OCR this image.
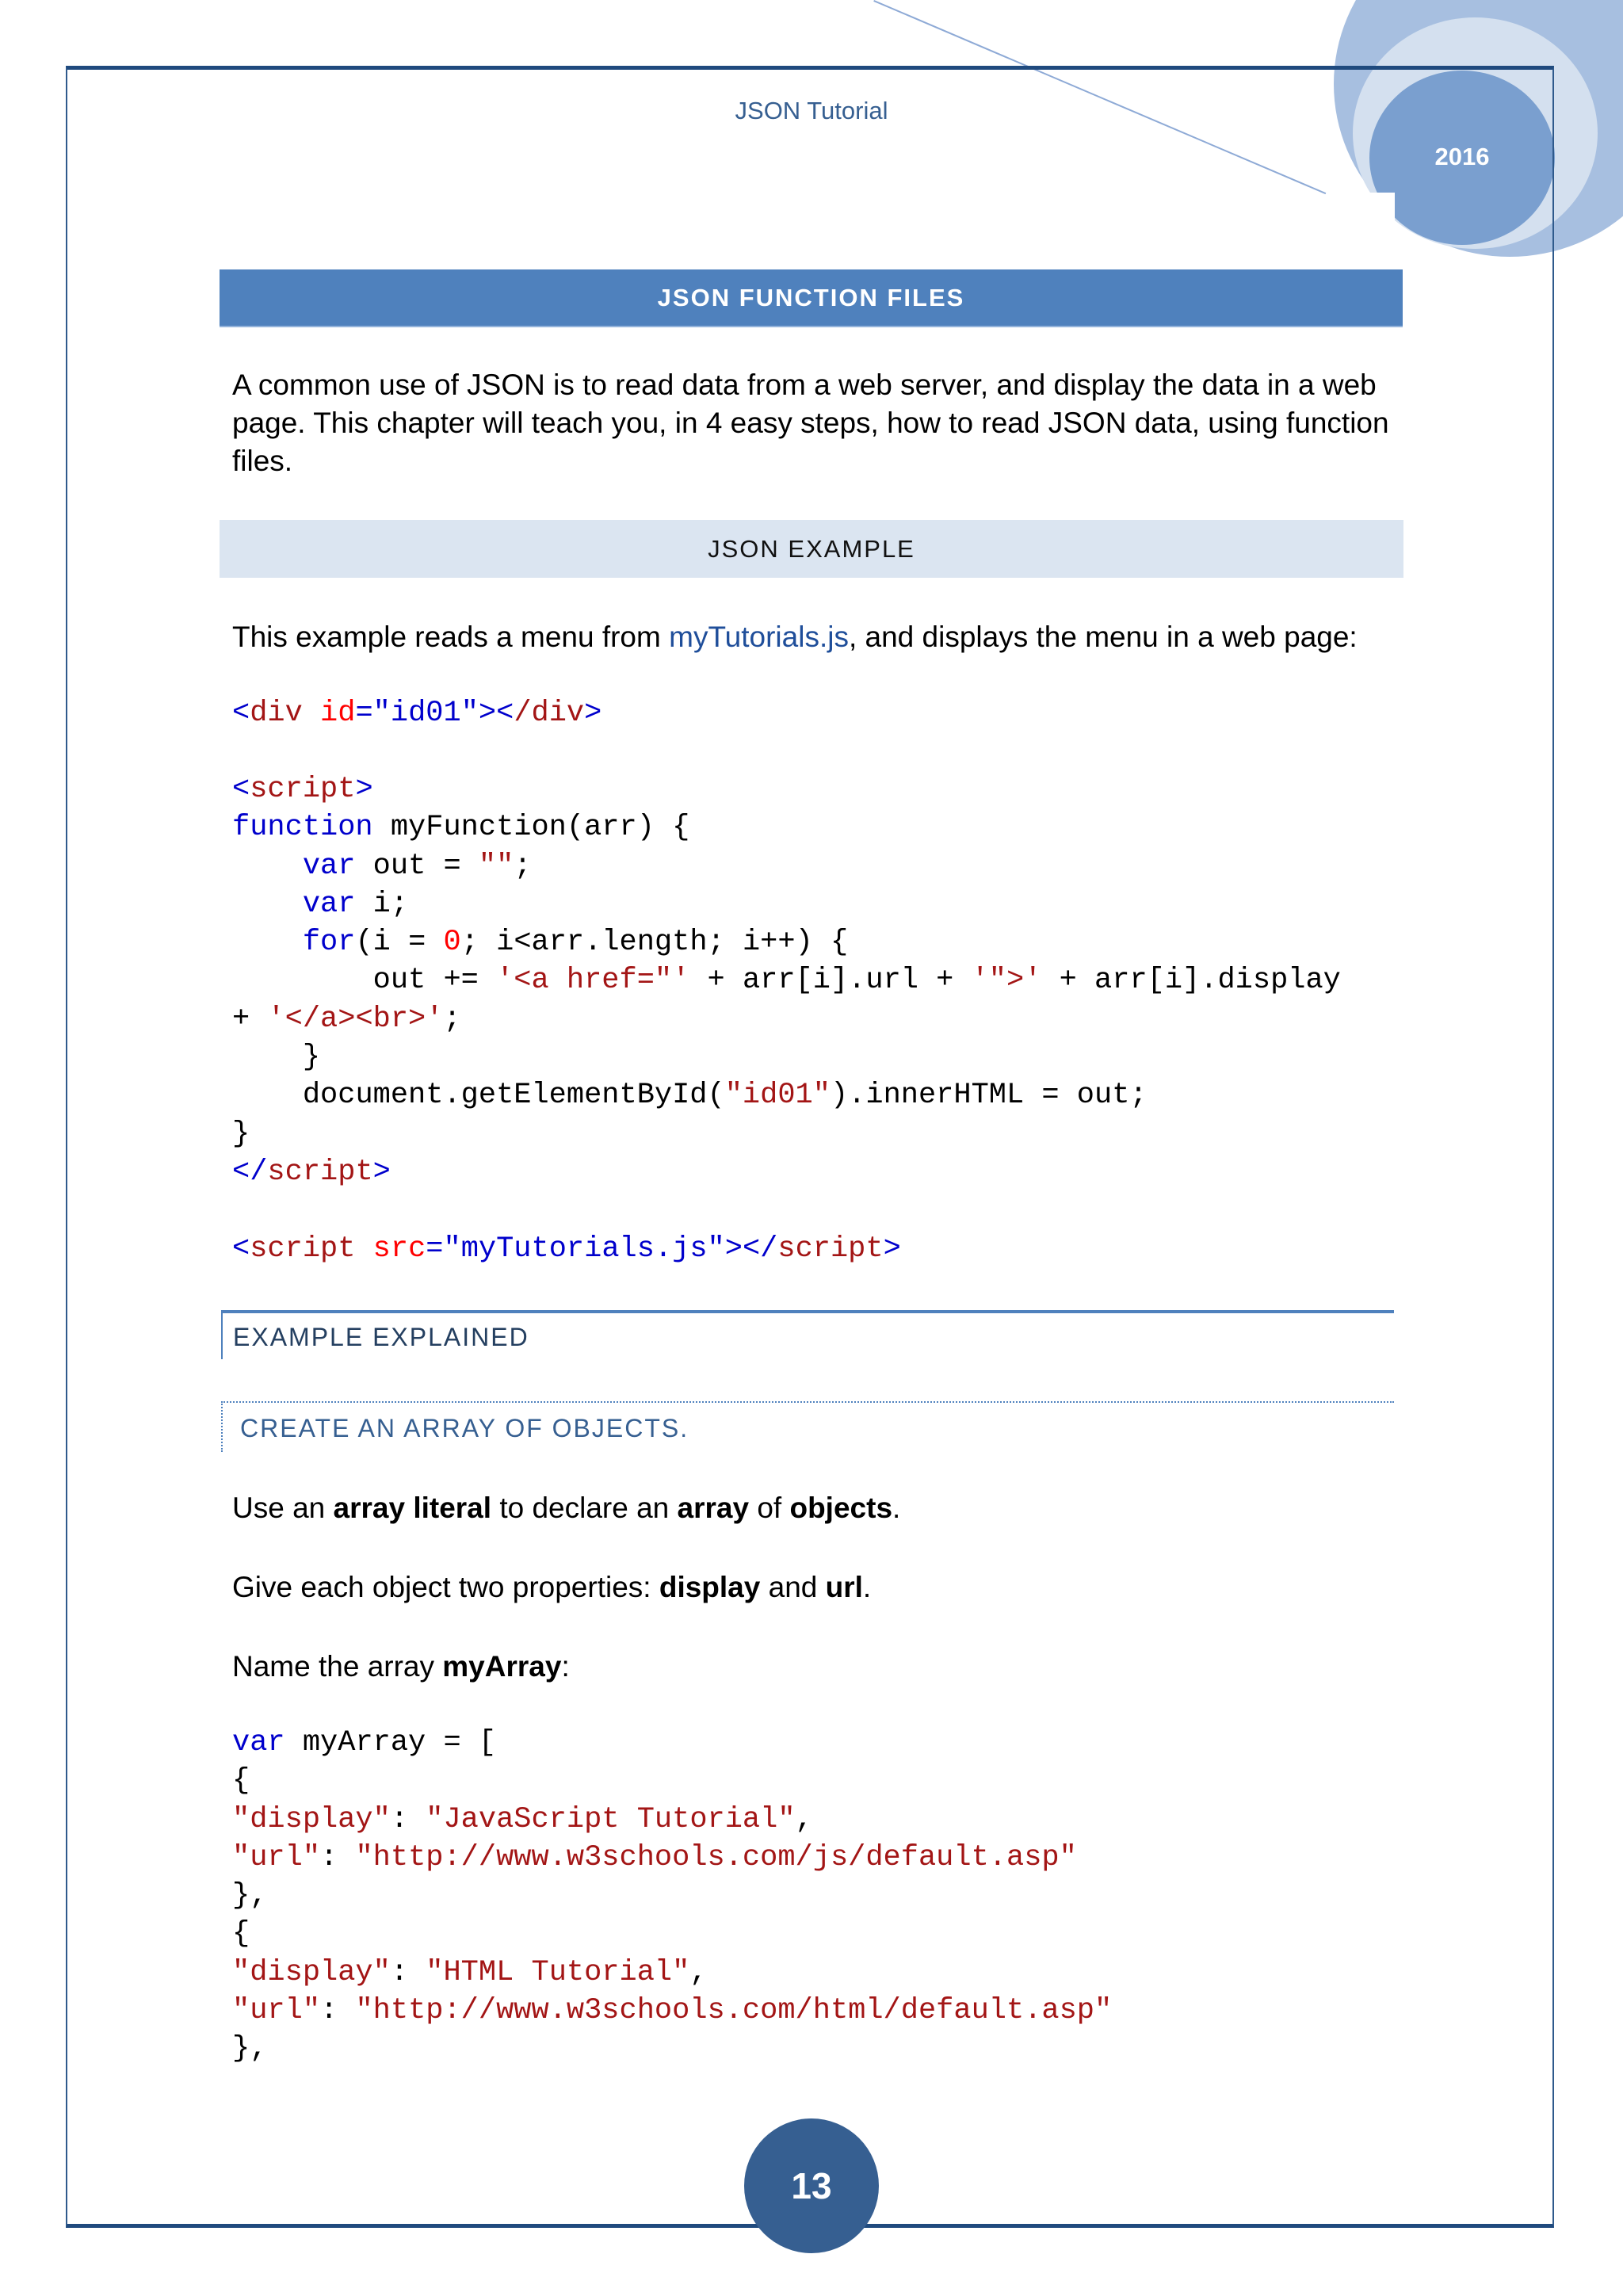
2016
JSON Tutorial
JSON FUNCTION FILES
A common use of JSON is to read data from a web server, and display the data in a web
page. This chapter will teach you, in 4 easy steps, how to read JSON data, using function
files.
JSON EXAMPLE
This example reads a menu from myTutorials.js, and displays the menu in a web page:
<div id="id01"></div>
<script>
function myFunction(arr) {
var out = "";
var i;
for(i = 0; i<arr.length; i++) {
out += '<a href="' + arr[i].url + '">' + arr[i].display
+ '</a><br>';
}
document.getElementById("id01").innerHTML = out;
}
</script>
<script src="myTutorials.js"></script>
EXAMPLE EXPLAINED
CREATE AN ARRAY OF OBJECTS.
Use an array literal to declare an array of objects.
Give each object two properties: display and url.
Name the array myArray:
var myArray = [
{
"display": "JavaScript Tutorial",
"url": "http://www.w3schools.com/js/default.asp"
},
{
"display": "HTML Tutorial",
"url": "http://www.w3schools.com/html/default.asp"
},
13
